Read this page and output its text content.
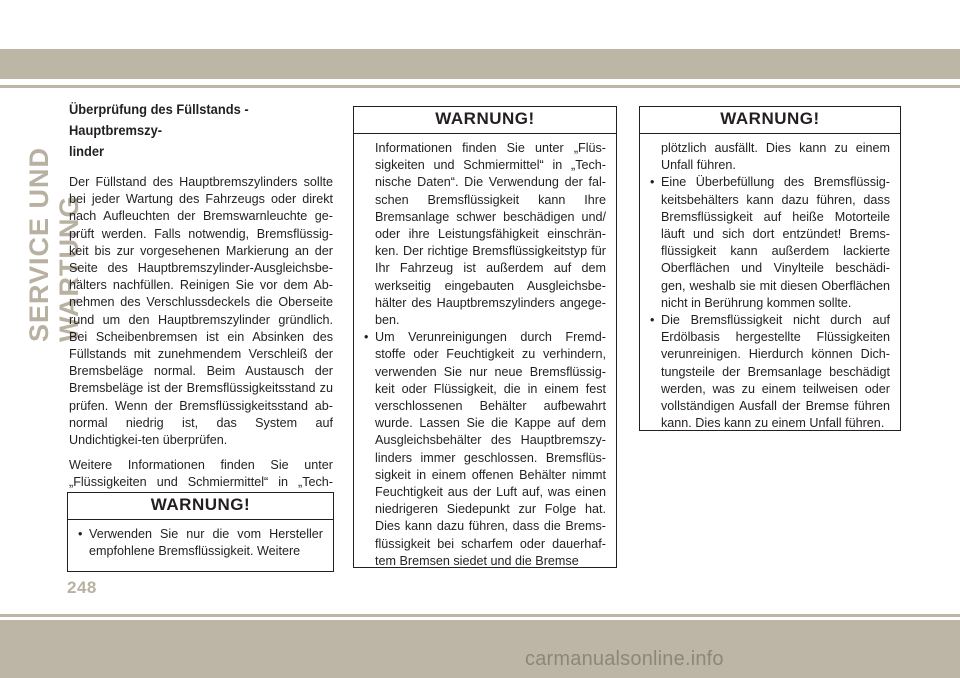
SERVICE UND WARTUNG
Überprüfung des Füllstands - Hauptbremszy-
linder

Der Füllstand des Hauptbremszylinders sollte bei jeder Wartung des Fahrzeugs oder direkt nach Aufleuchten der Bremswarnleuchte ge-prüft werden. Falls notwendig, Bremsflüssig-keit bis zur vorgesehenen Markierung an der Seite des Hauptbremszylinder-Ausgleichsbe-hälters nachfüllen. Reinigen Sie vor dem Ab-nehmen des Verschlussdeckels die Oberseite rund um den Hauptbremszylinder gründlich. Bei Scheibenbremsen ist ein Absinken des Füllstands mit zunehmendem Verschleiß der Bremsbeläge normal. Beim Austausch der Bremsbeläge ist der Bremsflüssigkeitsstand zu prüfen. Wenn der Bremsflüssigkeitsstand ab-normal niedrig ist, das System auf Undichtigkei-ten überprüfen.

Weitere Informationen finden Sie unter „Flüssigkeiten und Schmiermittel“ in „Tech-

WARNUNG!

• Verwenden Sie nur die vom Hersteller empfohlene Bremsflüssigkeit. Weitere

WARNUNG!

Informationen finden Sie unter „Flüs-sigkeiten und Schmiermittel“ in „Tech-nische Daten“. Die Verwendung der fal-schen Bremsflüssigkeit kann Ihre Bremsanlage schwer beschädigen und/ oder ihre Leistungsfähigkeit einschrän-ken. Der richtige Bremsflüssigkeitstyp für Ihr Fahrzeug ist außerdem auf dem werkseitig eingebauten Ausgleichsbe-hälter des Hauptbremszylinders angege-ben.

• Um Verunreinigungen durch Fremd-stoffe oder Feuchtigkeit zu verhindern, verwenden Sie nur neue Bremsflüssig-keit oder Flüssigkeit, die in einem fest verschlossenen Behälter aufbewahrt wurde. Lassen Sie die Kappe auf dem Ausgleichsbehälter des Hauptbremszy-linders immer geschlossen. Bremsflüs-sigkeit in einem offenen Behälter nimmt Feuchtigkeit aus der Luft auf, was einen niedrigeren Siedepunkt zur Folge hat. Dies kann dazu führen, dass die Brems-flüssigkeit bei scharfem oder dauerhaf-tem Bremsen siedet und die Bremse

WARNUNG!

plötzlich ausfällt. Dies kann zu einem Unfall führen.

• Eine Überbefüllung des Bremsflüssig-keitsbehälters kann dazu führen, dass Bremsflüssigkeit auf heiße Motorteile läuft und sich dort entzündet! Brems-flüssigkeit kann außerdem lackierte Oberflächen und Vinylteile beschädi-gen, weshalb sie mit diesen Oberflächen nicht in Berührung kommen sollte.

• Die Bremsflüssigkeit nicht durch auf Erdölbasis hergestellte Flüssigkeiten verunreinigen. Hierdurch können Dich-tungsteile der Bremsanlage beschädigt werden, was zu einem teilweisen oder vollständigen Ausfall der Bremse führen kann. Dies kann zu einem Unfall führen.

248
carmanualsonline.info
